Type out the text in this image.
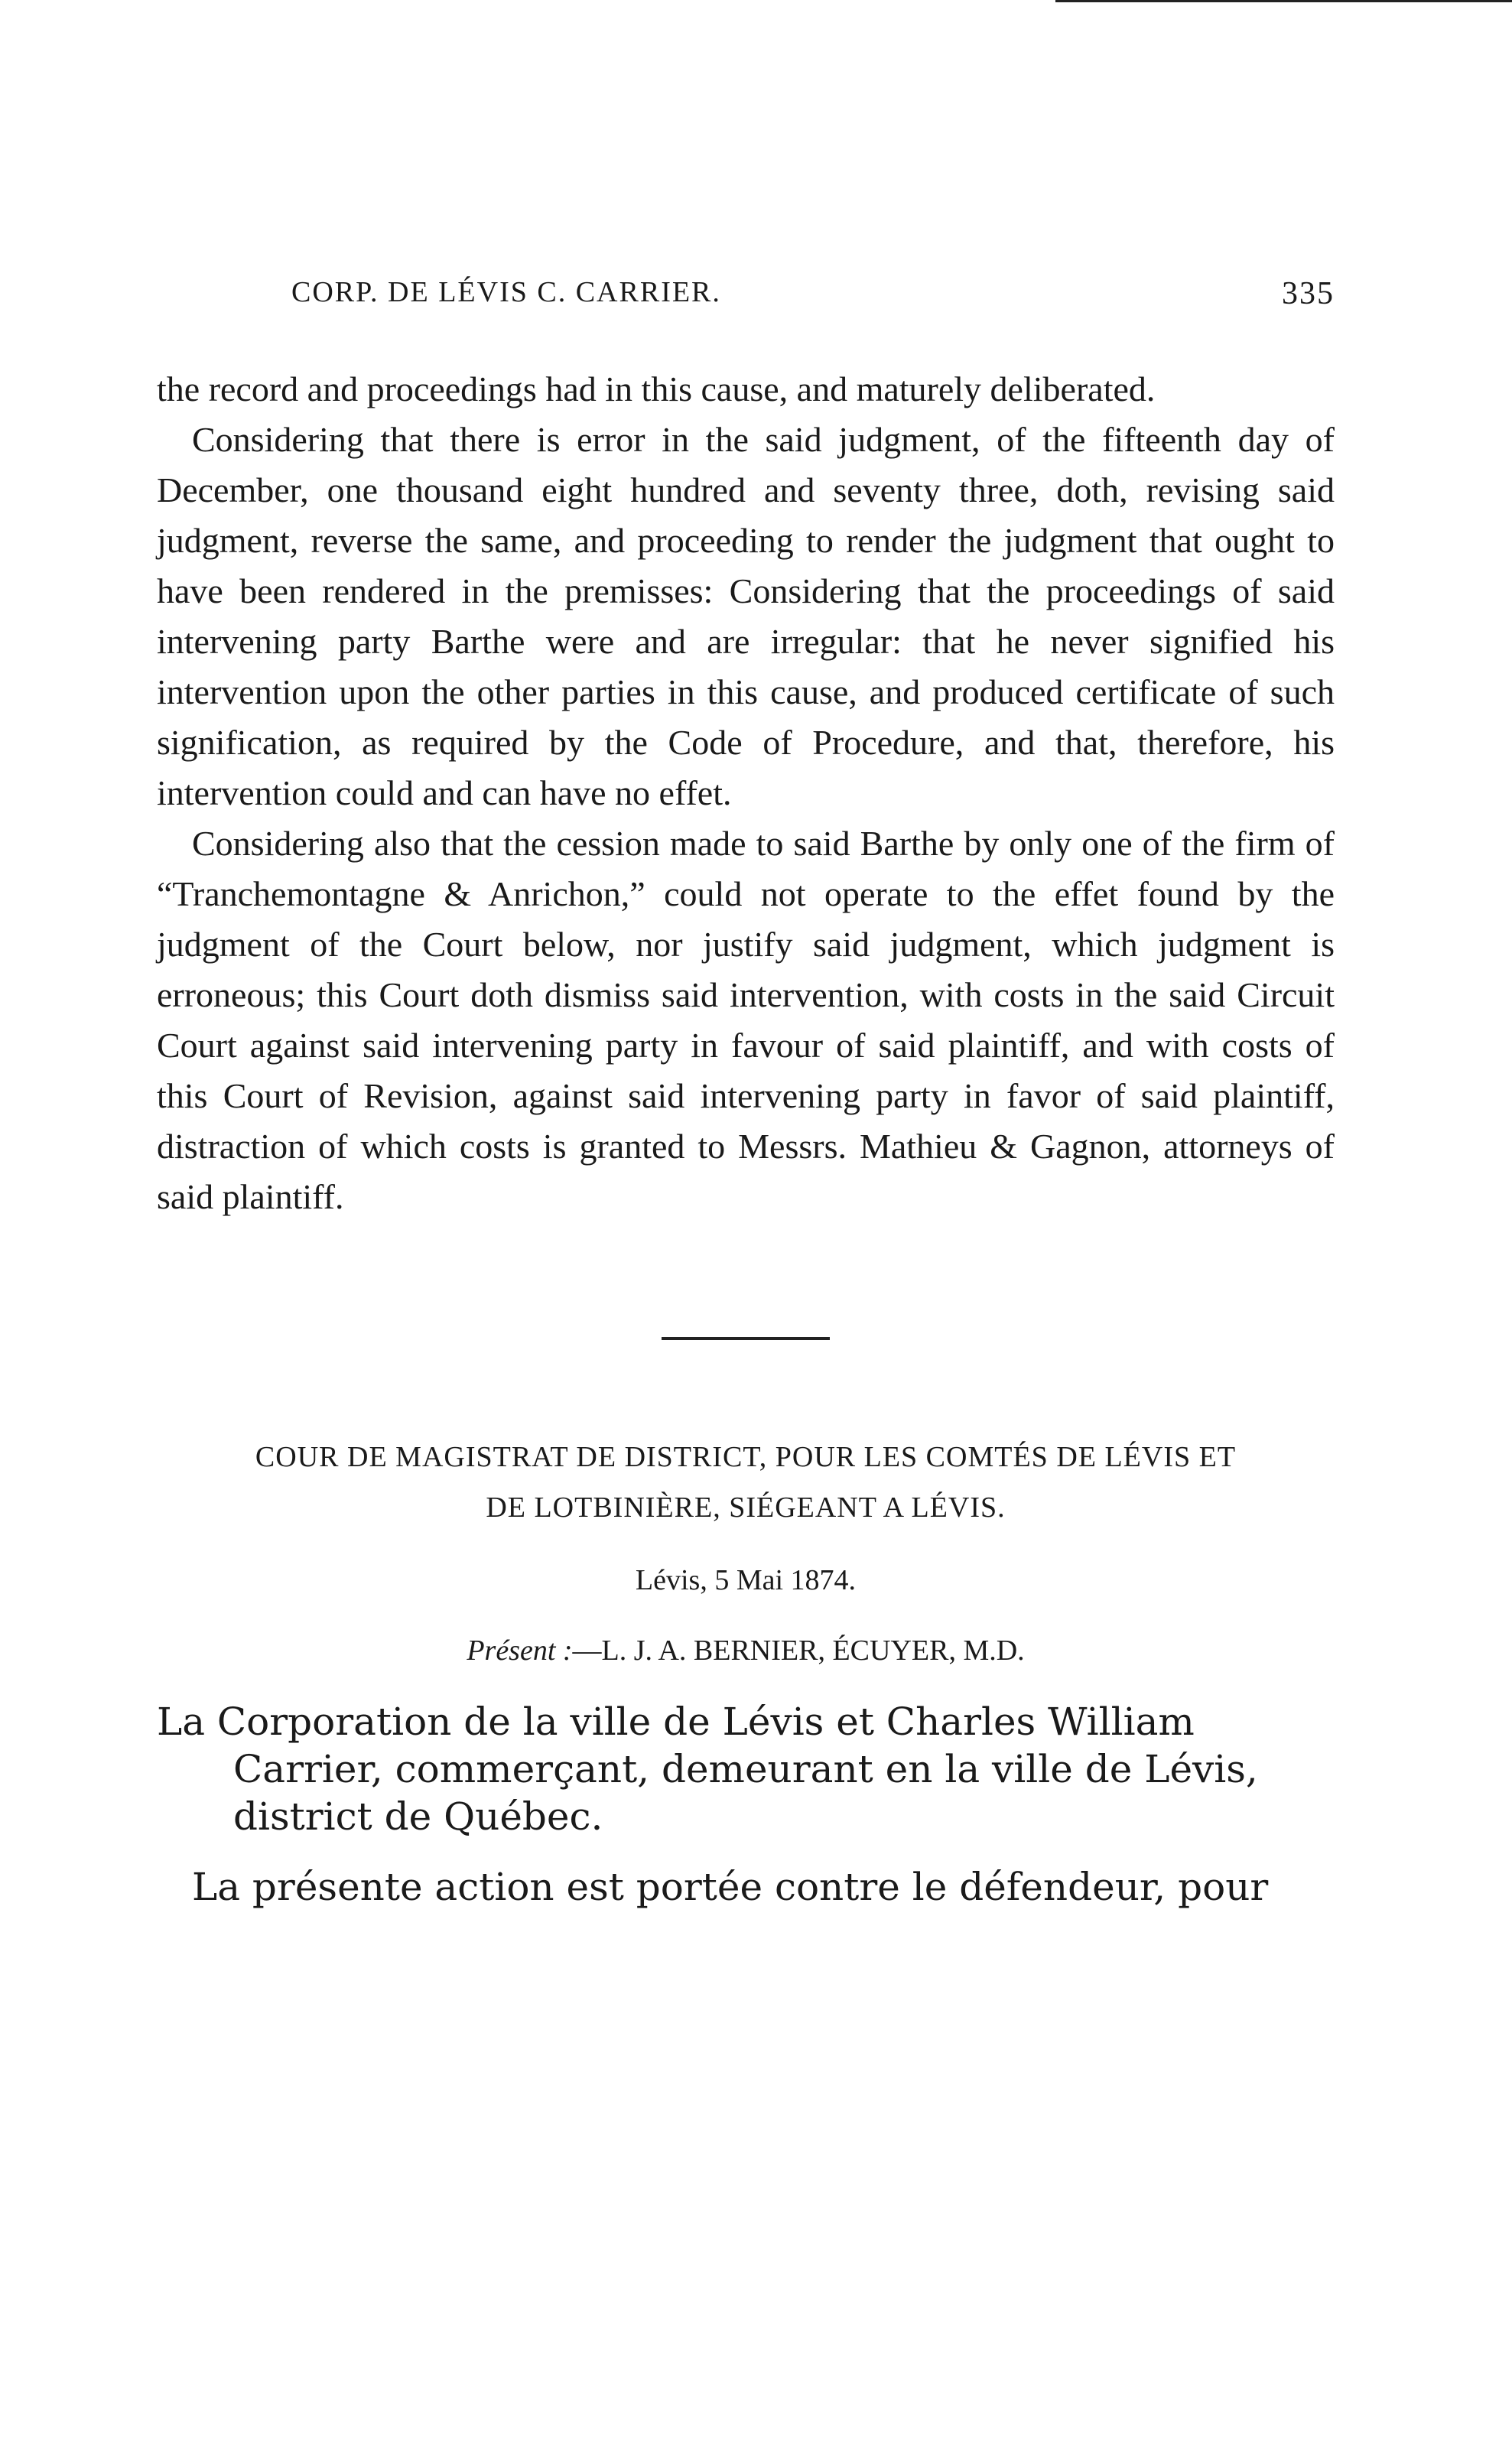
CORP. DE LÉVIS C. CARRIER.	335

the record and proceedings had in this cause, and maturely deliberated.

Considering that there is error in the said judgment, of the fifteenth day of December, one thousand eight hundred and seventy three, doth, revising said judgment, reverse the same, and proceeding to render the judgment that ought to have been rendered in the premisses: Considering that the proceedings of said intervening party Barthe were and are irregular: that he never signified his intervention upon the other parties in this cause, and produced certificate of such signification, as required by the Code of Procedure, and that, therefore, his intervention could and can have no effet.

Considering also that the cession made to said Barthe by only one of the firm of “Tranchemontagne & Anrichon,” could not operate to the effet found by the judgment of the Court below, nor justify said judgment, which judgment is erroneous; this Court doth dismiss said intervention, with costs in the said Circuit Court against said intervening party in favour of said plaintiff, and with costs of this Court of Revision, against said intervening party in favor of said plaintiff, distraction of which costs is granted to Messrs. Mathieu & Gagnon, attorneys of said plaintiff.

COUR DE MAGISTRAT DE DISTRICT, POUR LES COMTÉS DE LÉVIS ET
DE LOTBINIÈRE, SIÉGEANT A LÉVIS.
Lévis, 5 Mai 1874.
Présent :—L. J. A. BERNIER, ÉCUYER, M.D.
La Corporation de la ville de Lévis et Charles William Carrier, commerçant, demeurant en la ville de Lévis, district de Québec.
La présente action est portée contre le défendeur, pour
